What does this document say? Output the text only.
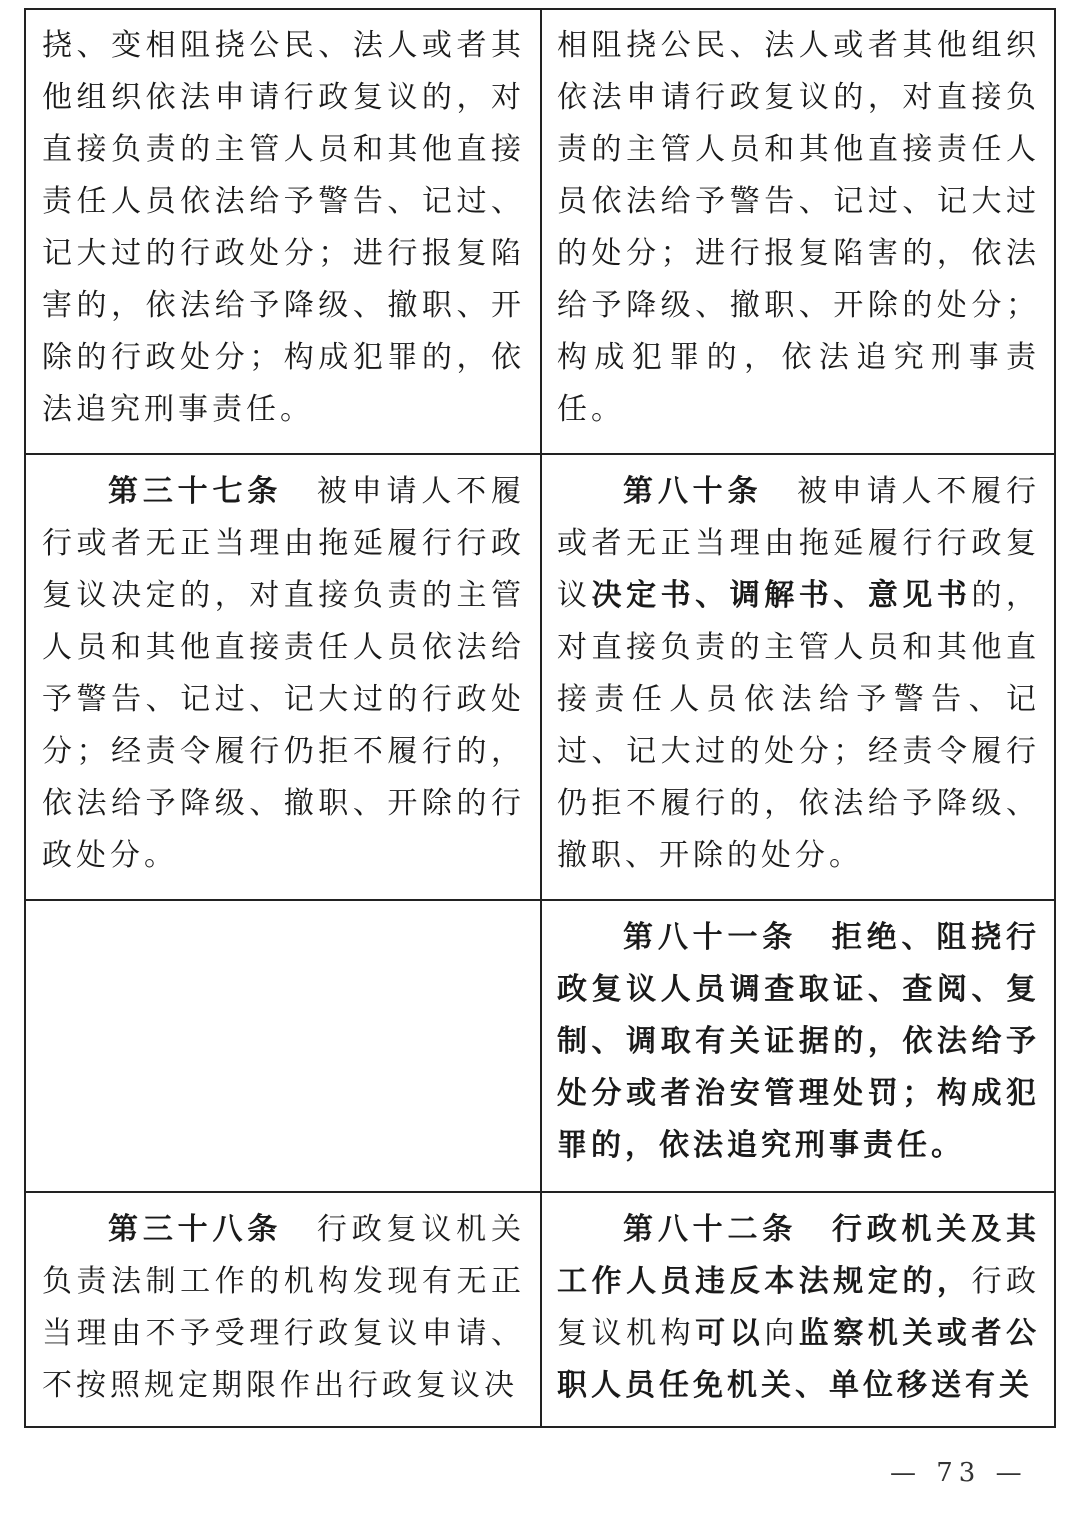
挠、变相阻挠公民、法人或者其他组织依法申请行政复议的，对直接负责的主管人员和其他直接责任人员依法给予警告、记过、记大过的行政处分；进行报复陷害的，依法给予降级、撤职、开除的行政处分；构成犯罪的，依法追究刑事责任。
相阻挠公民、法人或者其他组织依法申请行政复议的，对直接负责的主管人员和其他直接责任人员依法给予警告、记过、记大过的处分；进行报复陷害的，依法给予降级、撤职、开除的处分；构成犯罪的，依法追究刑事责任。
第三十七条　被申请人不履行或者无正当理由拖延履行行政复议决定的，对直接负责的主管人员和其他直接责任人员依法给予警告、记过、记大过的行政处分；经责令履行仍拒不履行的，依法给予降级、撤职、开除的行政处分。
第八十条　被申请人不履行或者无正当理由拖延履行行政复议决定书、调解书、意见书的，对直接负责的主管人员和其他直接责任人员依法给予警告、记过、记大过的处分；经责令履行仍拒不履行的，依法给予降级、撤职、开除的处分。
第八十一条　拒绝、阻挠行政复议人员调查取证、查阅、复制、调取有关证据的，依法给予处分或者治安管理处罚；构成犯罪的，依法追究刑事责任。
第三十八条　行政复议机关负责法制工作的机构发现有无正当理由不予受理行政复议申请、不按照规定期限作出行政复议决
第八十二条　行政机关及其工作人员违反本法规定的，行政复议机构可以向监察机关或者公职人员任免机关、单位移送有关
— 73 —
